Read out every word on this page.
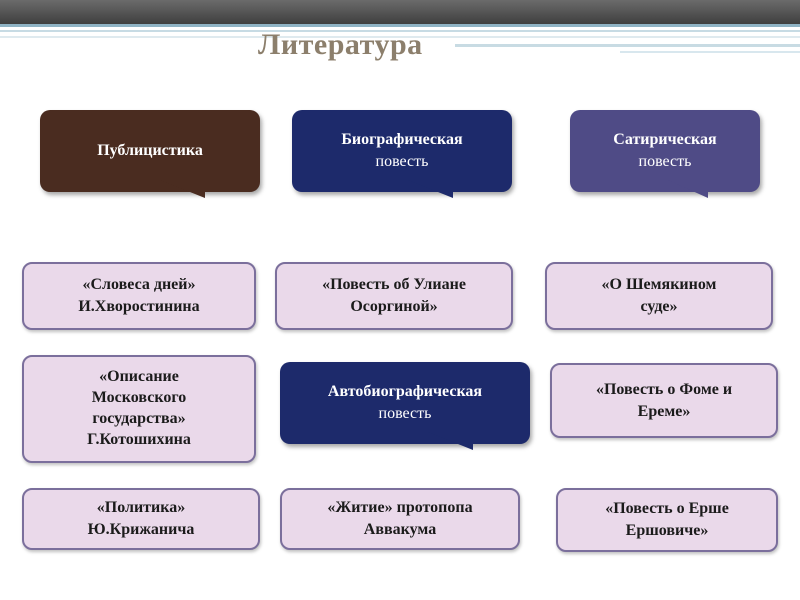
Литература
Публицистика
Биографическая
повесть
Сатирическая
повесть
Автобиографическая
повесть
«Словеса дней»
И.Хворостинина
«Повесть об Улиане
Осоргиной»
«О Шемякином
суде»
«Описание
Московского
государства»
Г.Котошихина
«Повесть о Фоме и
Ереме»
«Политика»
Ю.Крижанича
«Житие» протопопа
Аввакума
«Повесть о Ерше
Ершовиче»
